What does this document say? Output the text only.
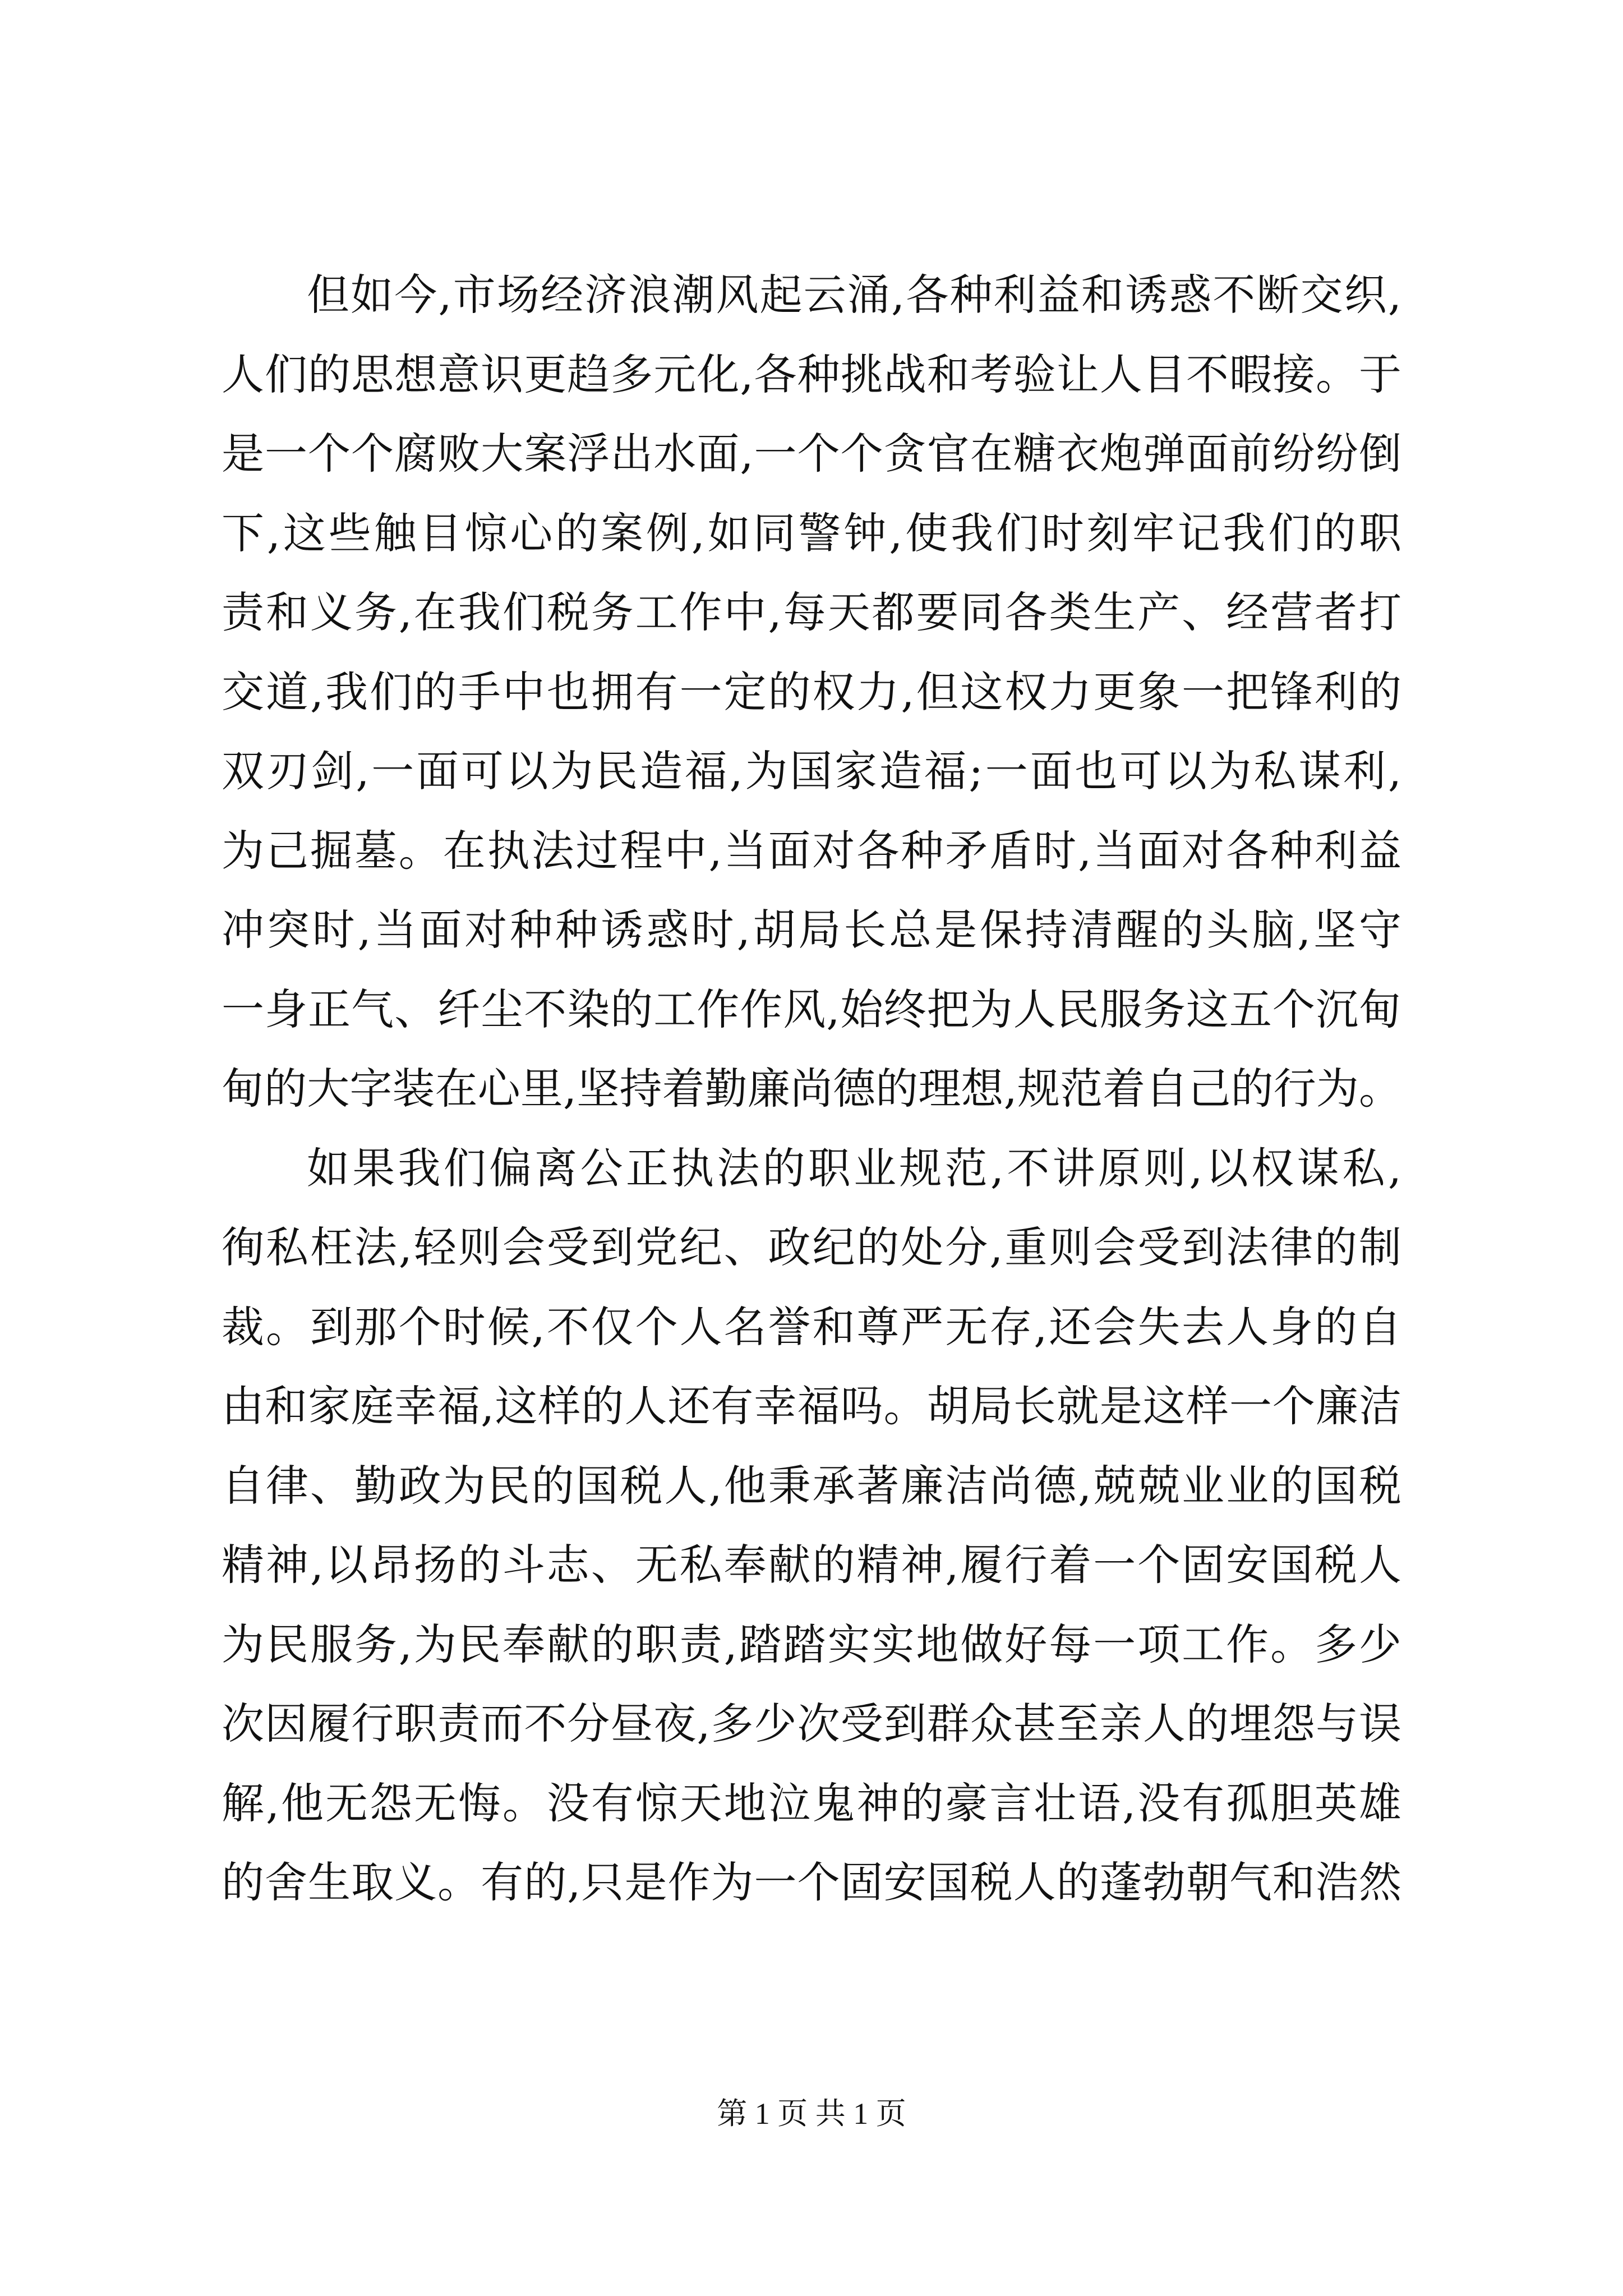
但如今,市场经济浪潮风起云涌,各种利益和诱惑不断交织,
人们的思想意识更趋多元化,各种挑战和考验让人目不暇接。于
是一个个腐败大案浮出水面,一个个贪官在糖衣炮弹面前纷纷倒
下,这些触目惊心的案例,如同警钟,使我们时刻牢记我们的职
责和义务,在我们税务工作中,每天都要同各类生产、经营者打
交道,我们的手中也拥有一定的权力,但这权力更象一把锋利的
双刃剑,一面可以为民造福,为国家造福;一面也可以为私谋利,
为己掘墓。在执法过程中,当面对各种矛盾时,当面对各种利益
冲突时,当面对种种诱惑时,胡局长总是保持清醒的头脑,坚守
一身正气、纤尘不染的工作作风,始终把为人民服务这五个沉甸
甸的大字装在心里,坚持着勤廉尚德的理想,规范着自己的行为。
如果我们偏离公正执法的职业规范,不讲原则,以权谋私,
徇私枉法,轻则会受到党纪、政纪的处分,重则会受到法律的制
裁。到那个时候,不仅个人名誉和尊严无存,还会失去人身的自
由和家庭幸福,这样的人还有幸福吗。胡局长就是这样一个廉洁
自律、勤政为民的国税人,他秉承著廉洁尚德,兢兢业业的国税
精神,以昂扬的斗志、无私奉献的精神,履行着一个固安国税人
为民服务,为民奉献的职责,踏踏实实地做好每一项工作。多少
次因履行职责而不分昼夜,多少次受到群众甚至亲人的埋怨与误
解,他无怨无悔。没有惊天地泣鬼神的豪言壮语,没有孤胆英雄
的舍生取义。有的,只是作为一个固安国税人的蓬勃朝气和浩然
第 1 页 共 1 页
